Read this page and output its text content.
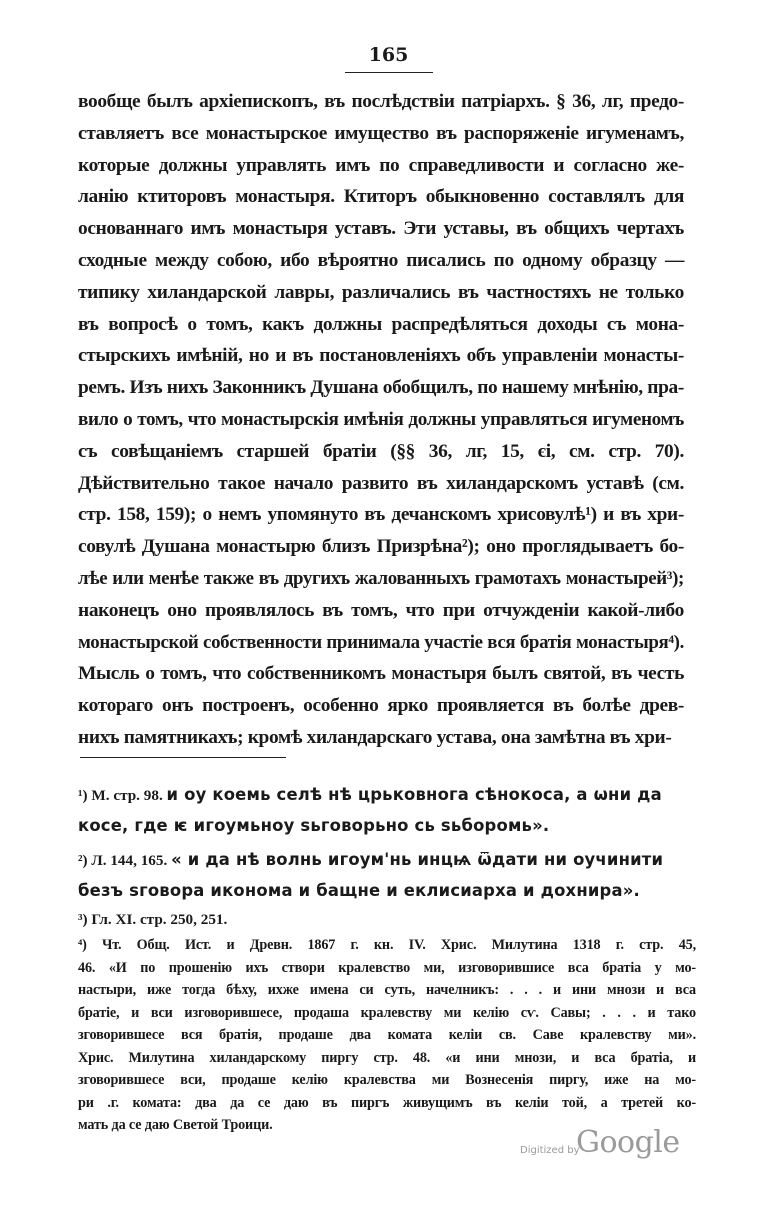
165
вообще былъ архіепископъ, въ послѣдствіи патріархъ. § 36, лг, предо-
ставляетъ все монастырское имущество въ распоряженіе игуменамъ,
которые должны управлять имъ по справедливости и согласно же-
ланію ктиторовъ монастыря. Ктиторъ обыкновенно составлялъ для
основаннаго имъ монастыря уставъ. Эти уставы, въ общихъ чертахъ
сходные между собою, ибо вѣроятно писались по одному образцу —
типику хиландарской лавры, различались въ частностяхъ не только
въ вопросѣ о томъ, какъ должны распредѣляться доходы съ мона-
стырскихъ имѣній, но и въ постановленіяхъ объ управленіи монасты-
ремъ. Изъ нихъ Законникъ Душана обобщилъ, по нашему мнѣнію, пра-
вило о томъ, что монастырскія имѣнія должны управляться игуменомъ
съ совѣщаніемъ старшей братіи (§§ 36, лг, 15, єі, см. стр. 70).
Дѣйствительно такое начало развито въ хиландарскомъ уставѣ (см.
стр. 158, 159); о немъ упомянуто въ дечанскомъ хрисовулѣ¹) и въ хри-
совулѣ Душана монастырю близъ Призрѣна²); оно проглядываетъ бо-
лѣе или менѣе также въ другихъ жалованныхъ грамотахъ монастырей³);
наконецъ оно проявлялось въ томъ, что при отчужденіи какой-либо
монастырской собственности принимала участіе вся братія монастыря⁴).
Мысль о томъ, что собственникомъ монастыря былъ святой, въ честь
котораго онъ построенъ, особенно ярко проявляется въ болѣе древ-
нихъ памятникахъ; кромѣ хиландарскаго устава, она замѣтна въ хри-
¹) М. стр. 98. и оу коемь селѣ нѣ црьковнога сѣнокоса, а ѡни да
косе, где ѥ игоумьноу ѕьговорьно сь ѕьборомь».
²) Л. 144, 165. « и да нѣ волнь игоум'нь инцѩ ѿдати ни оучинити
безъ ѕговора иконома и бащне и еклисиарха и дохнира».
³) Гл. XI. стр. 250, 251.
⁴) Чт. Общ. Ист. и Древн. 1867 г. кн. IV. Хрис. Милутина 1318 г. стр. 45,
46. «И по прошенію ихъ створи кралевство ми, изговорившисе вса братіа у мо-
настыри, иже тогда бѣху, ихже имена си суть, начелникъ: . . . и ини мнози и вса
братіе, и вси изговорившесе, продаша кралевству ми келію сѵ. Савы; . . . и тако
зговорившесе вся братія, продаше два комата келіи св. Саве кралевству ми».
Хрис. Милутина хиландарскому пиргу стр. 48. «и ини мнози, и вса братіа, и
зговорившесе вси, продаше келію кралевства ми Вознесенія пиргу, иже на мо-
ри .г. комата: два да се даю въ пиргъ живущимъ въ келіи той, а третей ко-
мать да се даю Светой Троици.
Digitized by
Google
